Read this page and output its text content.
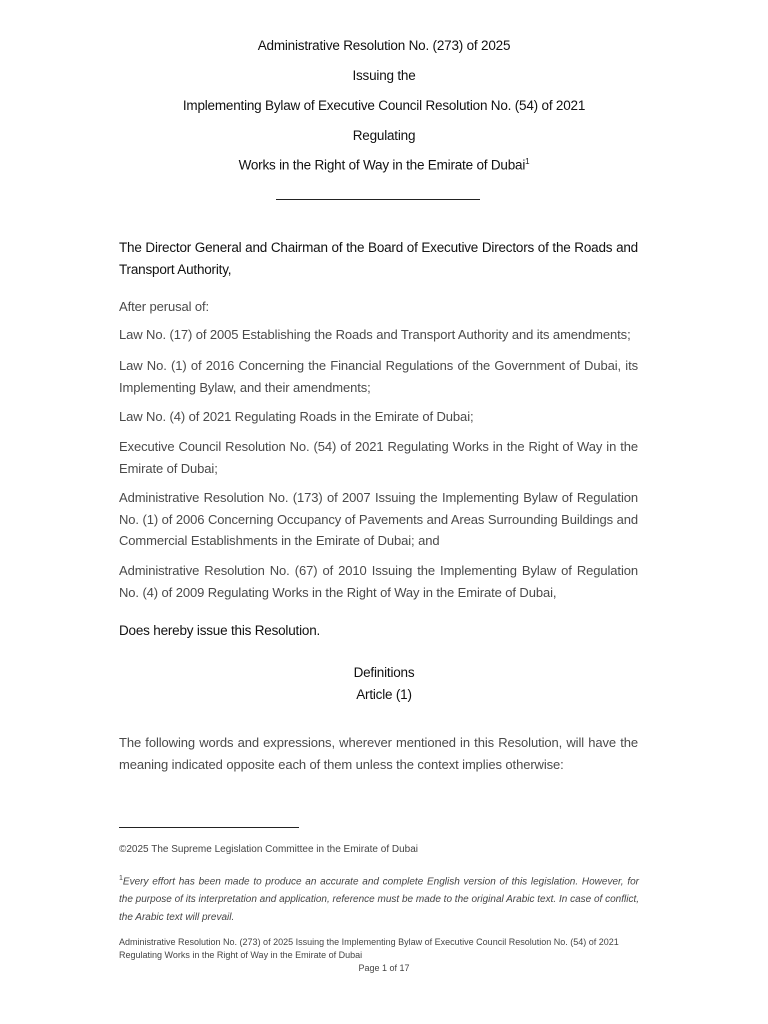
Administrative Resolution No. (273) of 2025
Issuing the
Implementing Bylaw of Executive Council Resolution No. (54) of 2021
Regulating
Works in the Right of Way in the Emirate of Dubai$^1$
The Director General and Chairman of the Board of Executive Directors of the Roads and Transport Authority,
After perusal of:
Law No. (17) of 2005 Establishing the Roads and Transport Authority and its amendments;
Law No. (1) of 2016 Concerning the Financial Regulations of the Government of Dubai, its Implementing Bylaw, and their amendments;
Law No. (4) of 2021 Regulating Roads in the Emirate of Dubai;
Executive Council Resolution No. (54) of 2021 Regulating Works in the Right of Way in the Emirate of Dubai;
Administrative Resolution No. (173) of 2007 Issuing the Implementing Bylaw of Regulation No. (1) of 2006 Concerning Occupancy of Pavements and Areas Surrounding Buildings and Commercial Establishments in the Emirate of Dubai; and
Administrative Resolution No. (67) of 2010 Issuing the Implementing Bylaw of Regulation No. (4) of 2009 Regulating Works in the Right of Way in the Emirate of Dubai,
Does hereby issue this Resolution.
Definitions
Article (1)
The following words and expressions, wherever mentioned in this Resolution, will have the meaning indicated opposite each of them unless the context implies otherwise:
©2025 The Supreme Legislation Committee in the Emirate of Dubai
$^1$Every effort has been made to produce an accurate and complete English version of this legislation. However, for the purpose of its interpretation and application, reference must be made to the original Arabic text. In case of conflict, the Arabic text will prevail.
Administrative Resolution No. (273) of 2025 Issuing the Implementing Bylaw of Executive Council Resolution No. (54) of 2021 Regulating Works in the Right of Way in the Emirate of Dubai
Page 1 of 17
